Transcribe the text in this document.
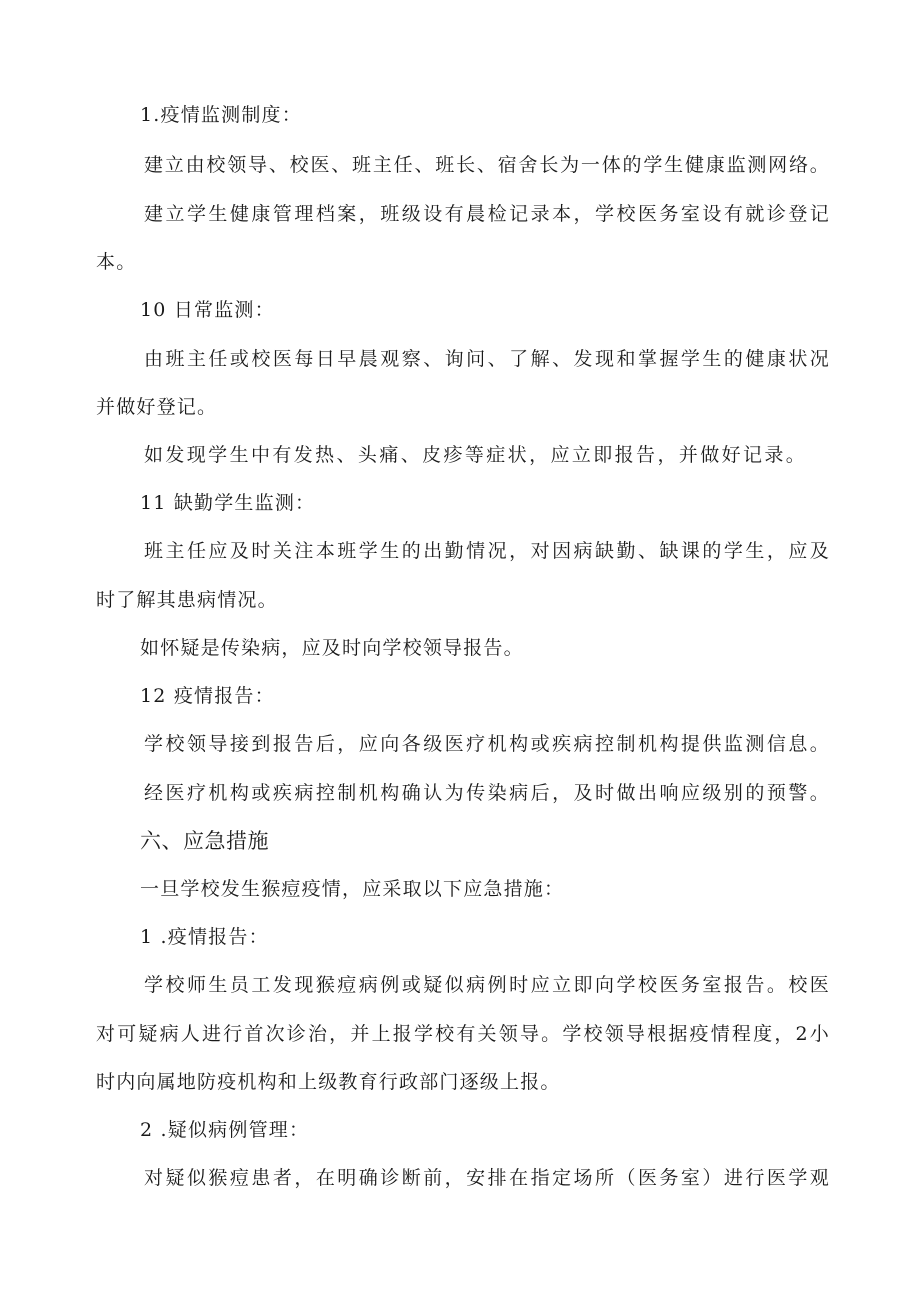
1.疫情监测制度：
建立由校领导、校医、班主任、班长、宿舍长为一体的学生健康监测网络。
建立学生健康管理档案，班级设有晨检记录本，学校医务室设有就诊登记
本。
10 日常监测：
由班主任或校医每日早晨观察、询问、了解、发现和掌握学生的健康状况
并做好登记。
如发现学生中有发热、头痛、皮疹等症状，应立即报告，并做好记录。
11 缺勤学生监测：
班主任应及时关注本班学生的出勤情况，对因病缺勤、缺课的学生，应及
时了解其患病情况。
如怀疑是传染病，应及时向学校领导报告。
12 疫情报告：
学校领导接到报告后，应向各级医疗机构或疾病控制机构提供监测信息。
经医疗机构或疾病控制机构确认为传染病后，及时做出响应级别的预警。
六、应急措施
一旦学校发生猴痘疫情，应采取以下应急措施：
1 .疫情报告：
学校师生员工发现猴痘病例或疑似病例时应立即向学校医务室报告。校医
对可疑病人进行首次诊治，并上报学校有关领导。学校领导根据疫情程度，2小
时内向属地防疫机构和上级教育行政部门逐级上报。
2 .疑似病例管理：
对疑似猴痘患者，在明确诊断前，安排在指定场所（医务室）进行医学观
